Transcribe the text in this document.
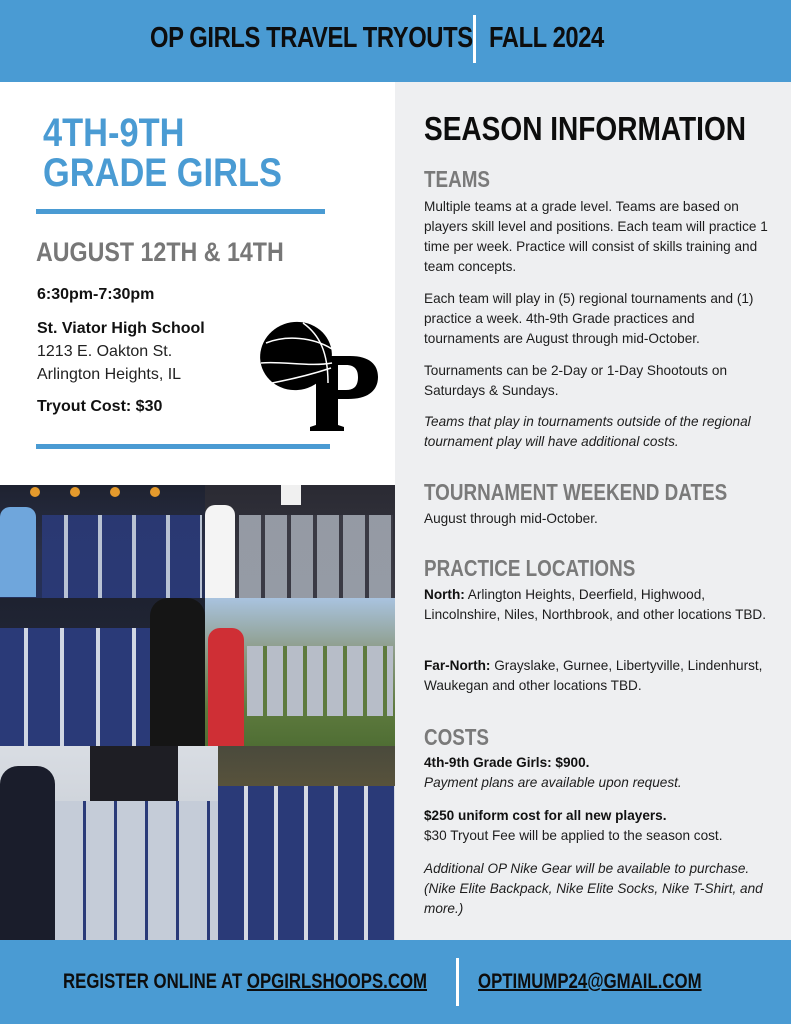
OP GIRLS TRAVEL TRYOUTS FALL 2024
4TH-9TH
GRADE GIRLS
AUGUST 12TH & 14TH
6:30pm-7:30pm
St. Viator High School
1213 E. Oakton St.
Arlington Heights, IL
Tryout Cost: $30
SEASON INFORMATION
TEAMS
Multiple teams at a grade level. Teams are based on players skill level and positions. Each team will practice 1 time per week. Practice will consist of skills training and team concepts.
Each team will play in (5) regional tournaments and (1) practice a week. 4th-9th Grade practices and tournaments are August through mid-October.
Tournaments can be 2-Day or 1-Day Shootouts on Saturdays & Sundays.
Teams that play in tournaments outside of the regional tournament play will have additional costs.
TOURNAMENT WEEKEND DATES
August through mid-October.
PRACTICE LOCATIONS
North: Arlington Heights, Deerfield, Highwood, Lincolnshire, Niles, Northbrook, and other locations TBD.
Far-North: Grayslake, Gurnee, Libertyville, Lindenhurst, Waukegan and other locations TBD.
COSTS
4th-9th Grade Girls: $900.
Payment plans are available upon request.
$250 uniform cost for all new players.
$30 Tryout Fee will be applied to the season cost.
Additional OP Nike Gear will be available to purchase. (Nike Elite Backpack, Nike Elite Socks, Nike T-Shirt, and more.)
REGISTER ONLINE AT OPGIRLSHOOPS.COM OPTIMUMP24@GMAIL.COM
